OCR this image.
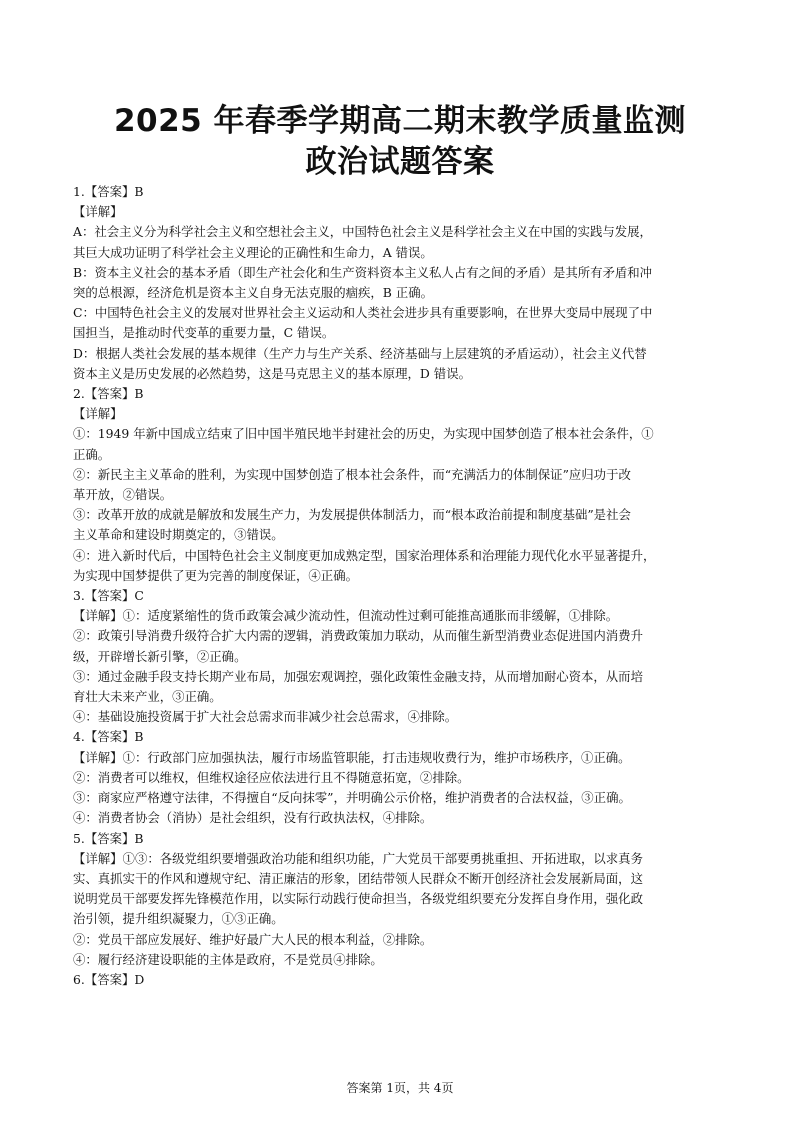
2025 年春季学期高二期末教学质量监测
政治试题答案

1.【答案】B

【详解】

A：社会主义分为科学社会主义和空想社会主义，中国特色社会主义是科学社会主义在中国的实践与发展，

其巨大成功证明了科学社会主义理论的正确性和生命力，A 错误。

B：资本主义社会的基本矛盾（即生产社会化和生产资料资本主义私人占有之间的矛盾）是其所有矛盾和冲

突的总根源，经济危机是资本主义自身无法克服的痼疾，B 正确。

C：中国特色社会主义的发展对世界社会主义运动和人类社会进步具有重要影响，在世界大变局中展现了中

国担当，是推动时代变革的重要力量，C 错误。

D：根据人类社会发展的基本规律（生产力与生产关系、经济基础与上层建筑的矛盾运动），社会主义代替

资本主义是历史发展的必然趋势，这是马克思主义的基本原理，D 错误。

2.【答案】B

【详解】

①：1949 年新中国成立结束了旧中国半殖民地半封建社会的历史，为实现中国梦创造了根本社会条件，①

正确。

②：新民主主义革命的胜利，为实现中国梦创造了根本社会条件，而“充满活力的体制保证”应归功于改

革开放，②错误。

③：改革开放的成就是解放和发展生产力，为发展提供体制活力，而“根本政治前提和制度基础”是社会

主义革命和建设时期奠定的，③错误。

④：进入新时代后，中国特色社会主义制度更加成熟定型，国家治理体系和治理能力现代化水平显著提升，

为实现中国梦提供了更为完善的制度保证，④正确。

3.【答案】C

【详解】①：适度紧缩性的货币政策会减少流动性，但流动性过剩可能推高通胀而非缓解，①排除。

②：政策引导消费升级符合扩大内需的逻辑，消费政策加力联动，从而催生新型消费业态促进国内消费升

级，开辟增长新引擎，②正确。

③：通过金融手段支持长期产业布局，加强宏观调控，强化政策性金融支持，从而增加耐心资本，从而培

育壮大未来产业，③正确。

④：基础设施投资属于扩大社会总需求而非减少社会总需求，④排除。

4.【答案】B

【详解】①：行政部门应加强执法，履行市场监管职能，打击违规收费行为，维护市场秩序，①正确。

②：消费者可以维权，但维权途径应依法进行且不得随意拓宽，②排除。

③：商家应严格遵守法律，不得擅自“反向抹零”，并明确公示价格，维护消费者的合法权益，③正确。

④：消费者协会（消协）是社会组织，没有行政执法权，④排除。

5.【答案】B

【详解】①③：各级党组织要增强政治功能和组织功能，广大党员干部要勇挑重担、开拓进取，以求真务

实、真抓实干的作风和遵规守纪、清正廉洁的形象，团结带领人民群众不断开创经济社会发展新局面，这

说明党员干部要发挥先锋模范作用，以实际行动践行使命担当，各级党组织要充分发挥自身作用，强化政

治引领，提升组织凝聚力，①③正确。

②：党员干部应发展好、维护好最广大人民的根本利益，②排除。

④：履行经济建设职能的主体是政府，不是党员④排除。

6.【答案】D

答案第 1页，共 4页
